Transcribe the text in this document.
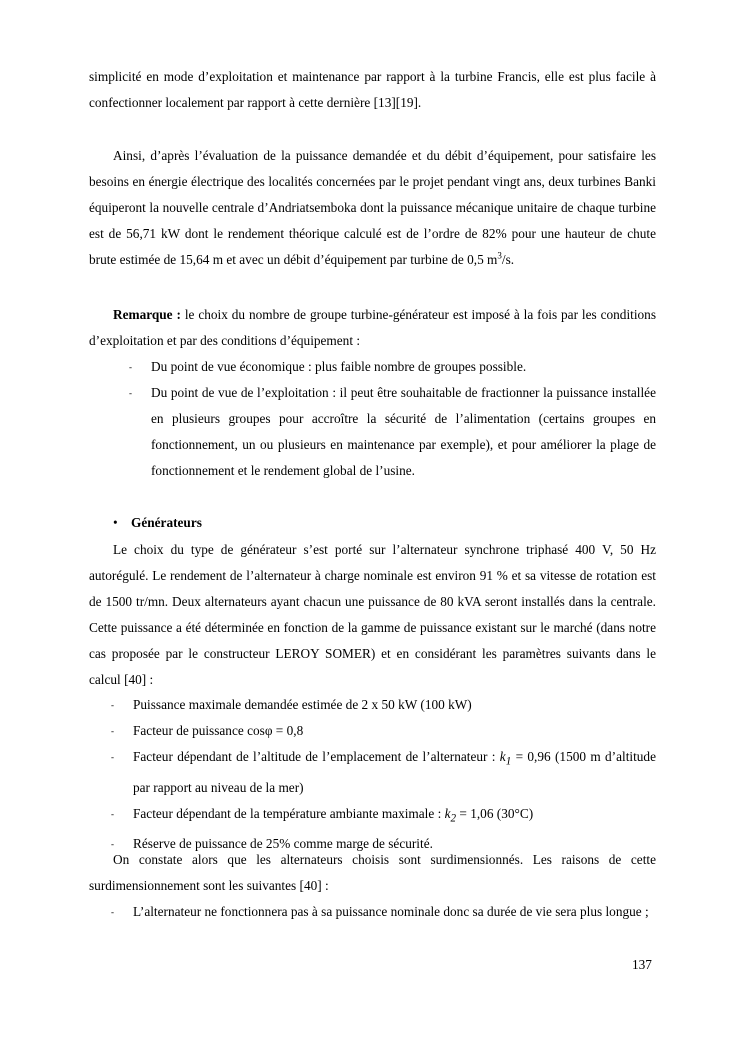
simplicité en mode d’exploitation et maintenance par rapport à la turbine Francis, elle est plus facile à confectionner localement par rapport à cette dernière [13][19].
Ainsi, d’après l’évaluation de la puissance demandée et du débit d’équipement, pour satisfaire les besoins en énergie électrique des localités concernées par le projet pendant vingt ans, deux turbines Banki équiperont la nouvelle centrale d’Andriatsemboka dont la puissance mécanique unitaire de chaque turbine est de 56,71 kW dont le rendement théorique calculé est de l’ordre de 82% pour une hauteur de chute brute estimée de 15,64 m et avec un débit d’équipement par turbine de 0,5 $m^3/s$.
Remarque : le choix du nombre de groupe turbine-générateur est imposé à la fois par les conditions d’exploitation et par des conditions d’équipement :
- Du point de vue économique : plus faible nombre de groupes possible.
- Du point de vue de l’exploitation : il peut être souhaitable de fractionner la puissance installée en plusieurs groupes pour accroître la sécurité de l’alimentation (certains groupes en fonctionnement, un ou plusieurs en maintenance par exemple), et pour améliorer la plage de fonctionnement et le rendement global de l’usine.
• Générateurs
Le choix du type de générateur s’est porté sur l’alternateur synchrone triphasé 400 V, 50 Hz autorégulé. Le rendement de l’alternateur à charge nominale est environ 91 % et sa vitesse de rotation est de 1500 tr/mn. Deux alternateurs ayant chacun une puissance de 80 kVA seront installés dans la centrale. Cette puissance a été déterminée en fonction de la gamme de puissance existant sur le marché (dans notre cas proposée par le constructeur LEROY SOMER) et en considérant les paramètres suivants dans le calcul [40] :
- Puissance maximale demandée estimée de 2 x 50 kW (100 kW)
- Facteur de puissance cosφ = 0,8
- Facteur dépendant de l’altitude de l’emplacement de l’alternateur : $k_1 = 0,96$ (1500 m d’altitude par rapport au niveau de la mer)
- Facteur dépendant de la température ambiante maximale : $k_2 = 1,06$ (30°C)
- Réserve de puissance de 25% comme marge de sécurité.
On constate alors que les alternateurs choisis sont surdimensionnés. Les raisons de cette surdimensionnement sont les suivantes [40] :
- L’alternateur ne fonctionnera pas à sa puissance nominale donc sa durée de vie sera plus longue ;
137
